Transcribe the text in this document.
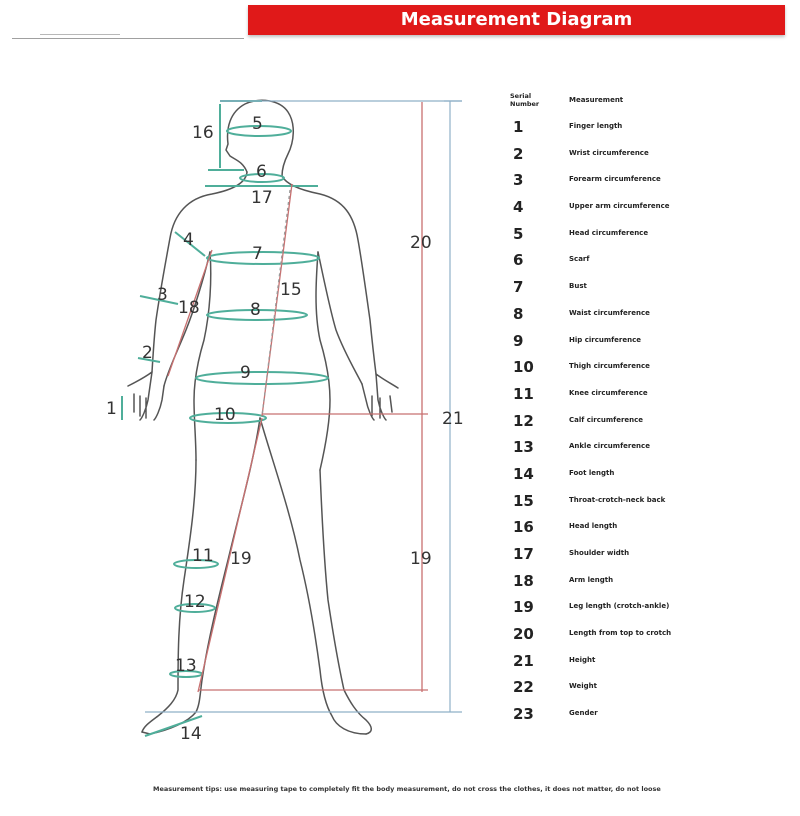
Measurement Diagram
1
2
3
4
5
6
7
8
9
10
11
12
13
14
15
16
17
18
19	19
20
21
Serial Number	Measurement
1	Finger length
2	Wrist circumference
3	Forearm circumference
4	Upper arm circumference
5	Head circumference
6	Scarf
7	Bust
8	Waist circumference
9	Hip circumference
10	Thigh circumference
11	Knee circumference
12	Calf circumference
13	Ankle circumference
14	Foot length
15	Throat-crotch-neck back
16	Head length
17	Shoulder width
18	Arm length
19	Leg length (crotch-ankle)
20	Length from top to crotch
21	Height
22	Weight
23	Gender
Measurement tips: use measuring tape to completely fit the body measurement, do not cross the clothes, it does not matter, do not loose
